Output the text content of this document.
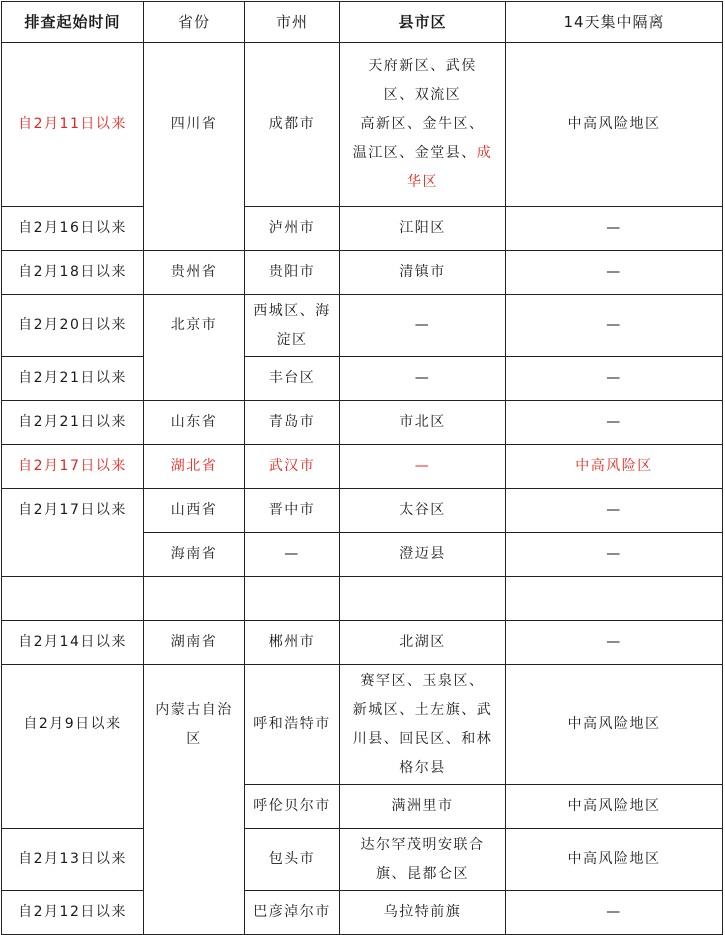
排查起始时间	省份	市州	县市区	14天集中隔离
自2月11日以来	四川省	成都市	天府新区、武侯
区、双流区
高新区、金牛区、
温江区、金堂县、成
华区	中高风险地区
自2月16日以来		泸州市	江阳区	—
自2月18日以来	贵州省	贵阳市	清镇市	—
自2月20日以来	北京市	西城区、海
淀区	—	—
自2月21日以来		丰台区	—	—
自2月21日以来	山东省	青岛市	市北区	—
自2月17日以来	湖北省	武汉市	—	中高风险区
自2月17日以来	山西省	晋中市	太谷区	—
	海南省	—	澄迈县	—

自2月14日以来	湖南省	郴州市	北湖区	—
自2月9日以来	内蒙古自治
区	呼和浩特市	赛罕区、玉泉区、
新城区、土左旗、武
川县、回民区、和林
格尔县	中高风险地区
		呼伦贝尔市	满洲里市	中高风险地区
自2月13日以来		包头市	达尔罕茂明安联合
旗、昆都仑区	中高风险地区
自2月12日以来		巴彦淖尔市	乌拉特前旗	—
